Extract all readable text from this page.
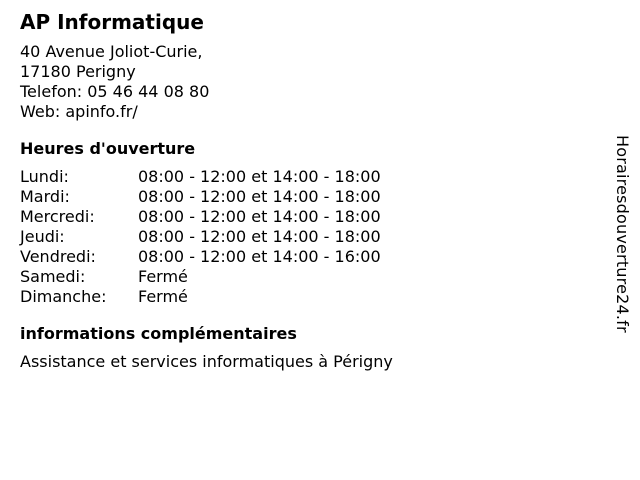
AP Informatique
40 Avenue Joliot-Curie,
17180 Perigny
Telefon: 05 46 44 08 80
Web: apinfo.fr/
Heures d'ouverture
Lundi:	08:00 - 12:00 et 14:00 - 18:00
Mardi:	08:00 - 12:00 et 14:00 - 18:00
Mercredi:	08:00 - 12:00 et 14:00 - 18:00
Jeudi:	08:00 - 12:00 et 14:00 - 18:00
Vendredi:	08:00 - 12:00 et 14:00 - 16:00
Samedi:	Fermé
Dimanche:	Fermé
informations complémentaires
Assistance et services informatiques à Périgny
Horairesdouverture24.fr
